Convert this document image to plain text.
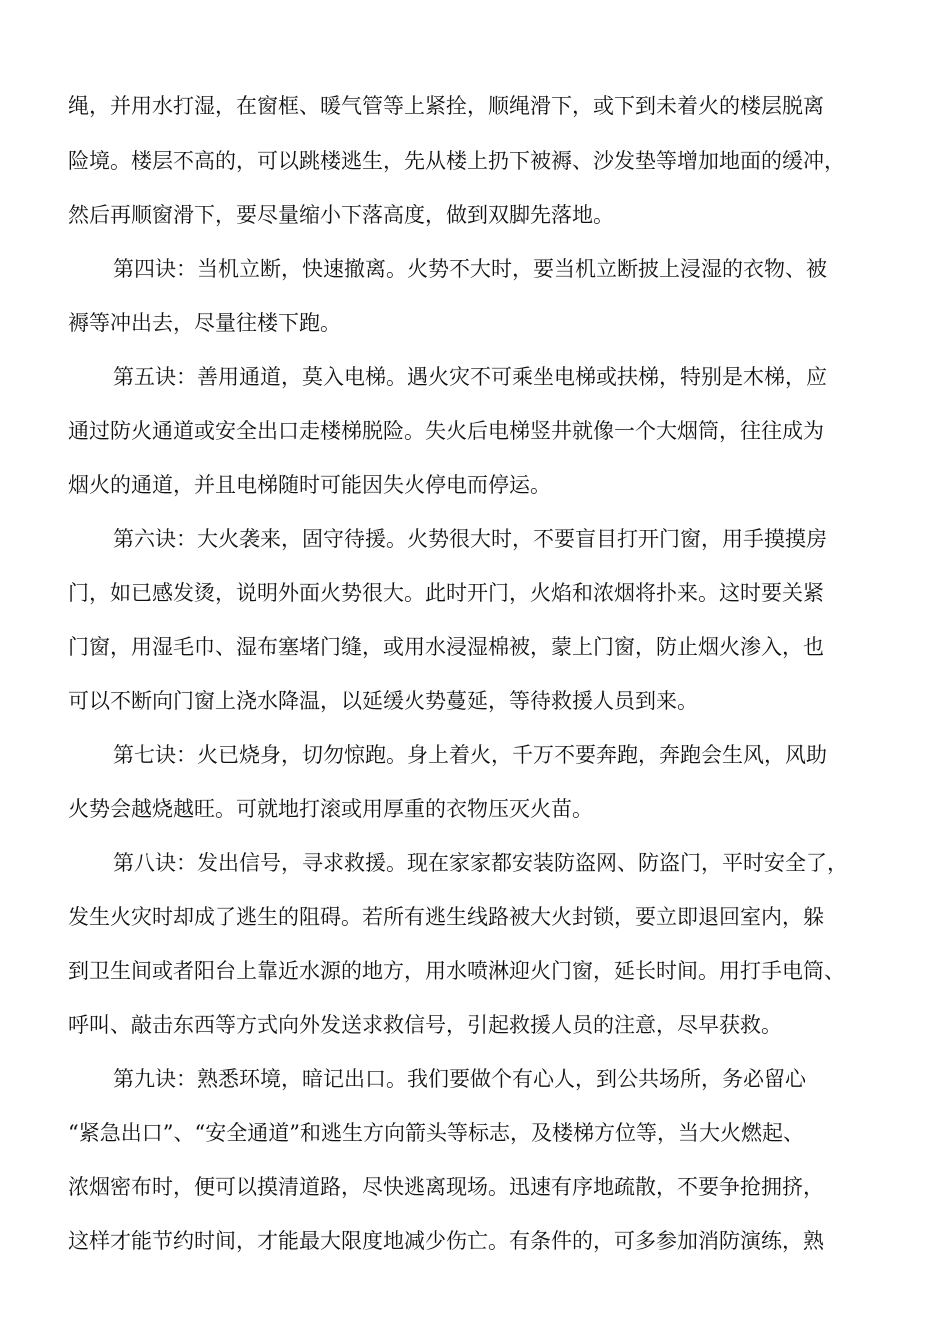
绳，并用水打湿，在窗框、暖气管等上紧拴，顺绳滑下，或下到未着火的楼层脱离
险境。楼层不高的，可以跳楼逃生，先从楼上扔下被褥、沙发垫等增加地面的缓冲，
然后再顺窗滑下，要尽量缩小下落高度，做到双脚先落地。
第四诀：当机立断，快速撤离。火势不大时，要当机立断披上浸湿的衣物、被
褥等冲出去，尽量往楼下跑。
第五诀：善用通道，莫入电梯。遇火灾不可乘坐电梯或扶梯，特别是木梯，应
通过防火通道或安全出口走楼梯脱险。失火后电梯竖井就像一个大烟筒，往往成为
烟火的通道，并且电梯随时可能因失火停电而停运。
第六诀：大火袭来，固守待援。火势很大时，不要盲目打开门窗，用手摸摸房
门，如已感发烫，说明外面火势很大。此时开门，火焰和浓烟将扑来。这时要关紧
门窗，用湿毛巾、湿布塞堵门缝，或用水浸湿棉被，蒙上门窗，防止烟火渗入，也
可以不断向门窗上浇水降温，以延缓火势蔓延，等待救援人员到来。
第七诀：火已烧身，切勿惊跑。身上着火，千万不要奔跑，奔跑会生风，风助
火势会越烧越旺。可就地打滚或用厚重的衣物压灭火苗。
第八诀：发出信号，寻求救援。现在家家都安装防盗网、防盗门，平时安全了，
发生火灾时却成了逃生的阻碍。若所有逃生线路被大火封锁，要立即退回室内，躲
到卫生间或者阳台上靠近水源的地方，用水喷淋迎火门窗，延长时间。用打手电筒、
呼叫、敲击东西等方式向外发送求救信号，引起救援人员的注意，尽早获救。
第九诀：熟悉环境，暗记出口。我们要做个有心人，到公共场所，务必留心
“紧急出口”、“安全通道”和逃生方向箭头等标志，及楼梯方位等，当大火燃起、
浓烟密布时，便可以摸清道路，尽快逃离现场。迅速有序地疏散，不要争抢拥挤，
这样才能节约时间，才能最大限度地减少伤亡。有条件的，可多参加消防演练，熟
